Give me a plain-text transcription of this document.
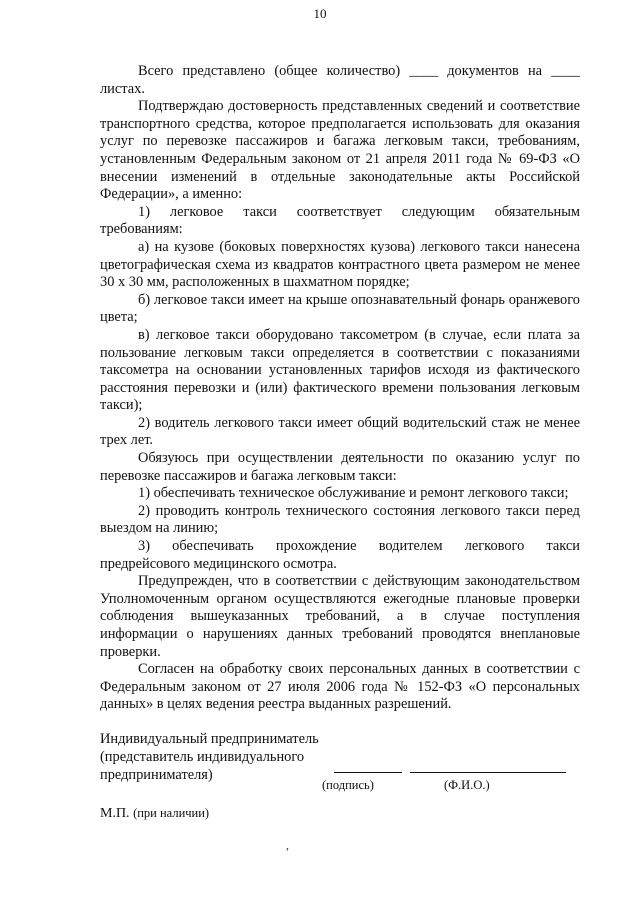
10

Всего представлено (общее количество) ____ документов на ____ листах.

Подтверждаю достоверность представленных сведений и соответствие транспортного средства, которое предполагается использовать для оказания услуг по перевозке пассажиров и багажа легковым такси, требованиям, установленным Федеральным законом от 21 апреля 2011 года № 69-ФЗ «О внесении изменений в отдельные законодательные акты Российской Федерации», а именно:

1) легковое такси соответствует следующим обязательным требованиям:

а) на кузове (боковых поверхностях кузова) легкового такси нанесена цветографическая схема из квадратов контрастного цвета размером не менее 30 х 30 мм, расположенных в шахматном порядке;

б) легковое такси имеет на крыше опознавательный фонарь оранжевого цвета;

в) легковое такси оборудовано таксометром (в случае, если плата за пользование легковым такси определяется в соответствии с показаниями таксометра на основании установленных тарифов исходя из фактического расстояния перевозки и (или) фактического времени пользования легковым такси);

2) водитель легкового такси имеет общий водительский стаж не менее трех лет.

Обязуюсь при осуществлении деятельности по оказанию услуг по перевозке пассажиров и багажа легковым такси:

1) обеспечивать техническое обслуживание и ремонт легкового такси;

2) проводить контроль технического состояния легкового такси перед выездом на линию;

3) обеспечивать прохождение водителем легкового такси предрейсового медицинского осмотра.

Предупрежден, что в соответствии с действующим законодательством Уполномоченным органом осуществляются ежегодные плановые проверки соблюдения вышеуказанных требований, а в случае поступления информации о нарушениях данных требований проводятся внеплановые проверки.

Согласен на обработку своих персональных данных в соответствии с Федеральным законом от 27 июля 2006 года № 152-ФЗ «О персональных данных» в целях ведения реестра выданных разрешений.

Индивидуальный предприниматель
(представитель индивидуального
предпринимателя)
(подпись)	(Ф.И.О.)
М.П. (при наличии)
,
